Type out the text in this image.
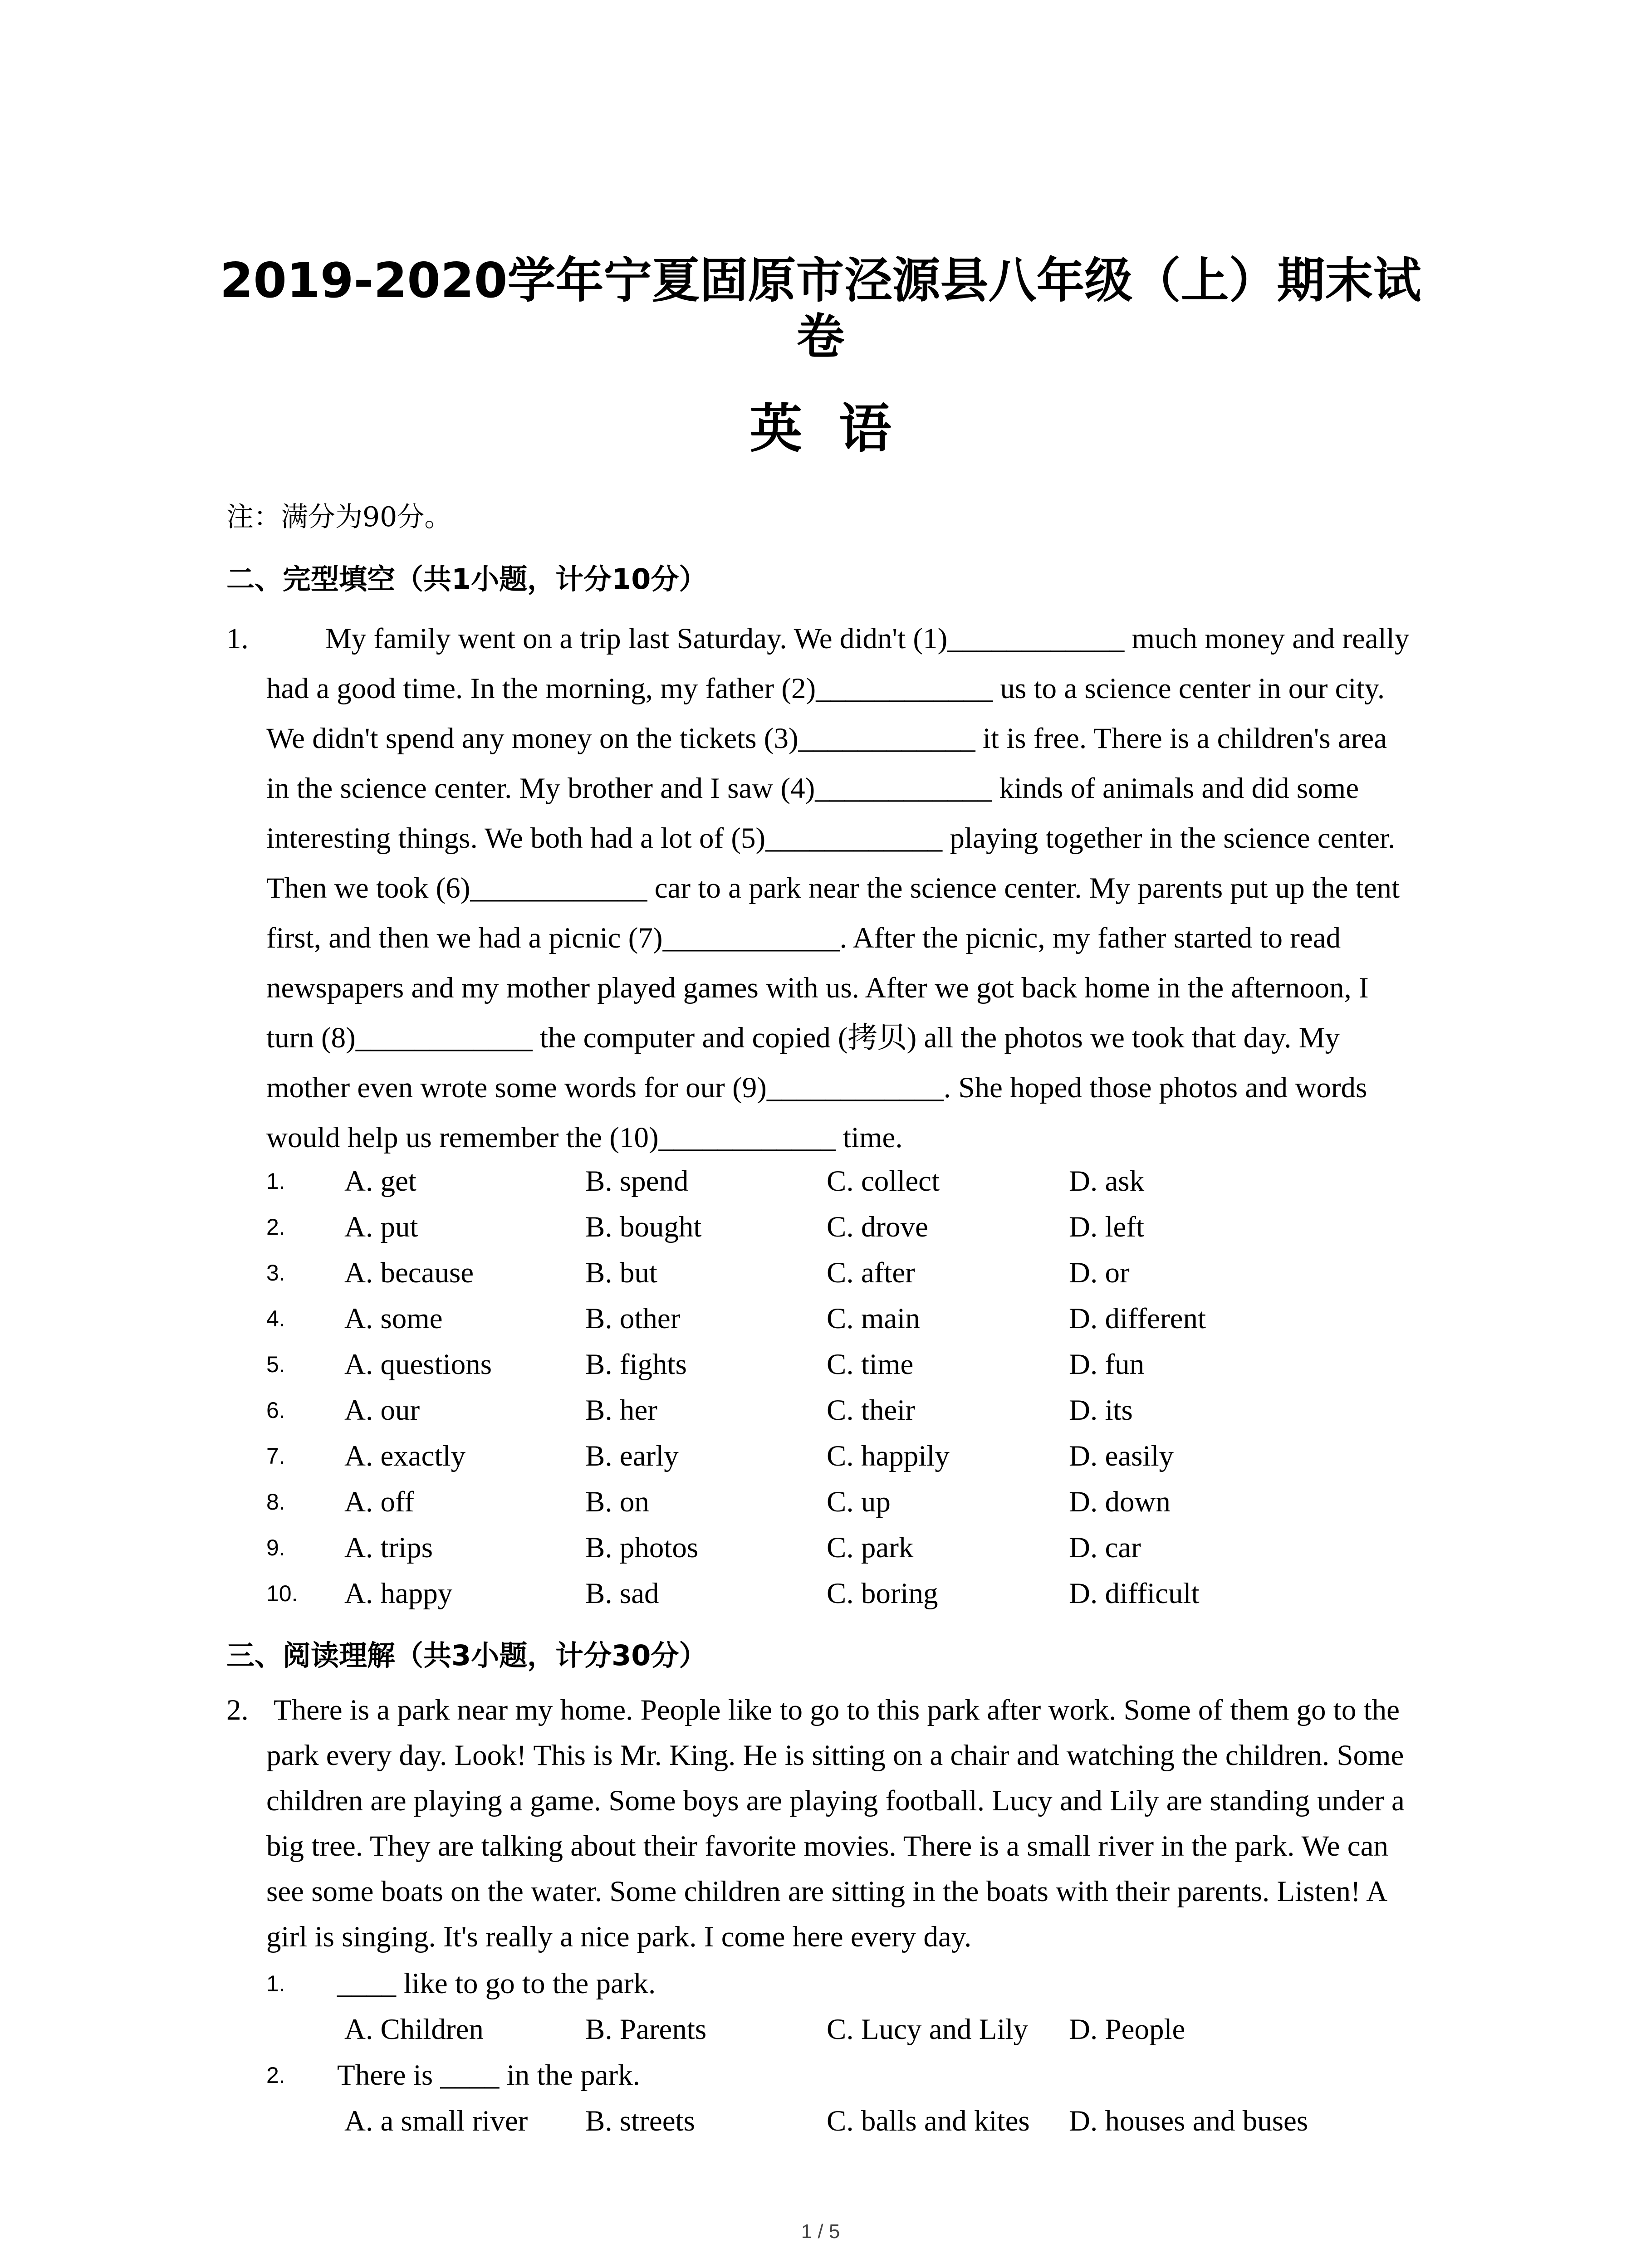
2019-2020学年宁夏固原市泾源县八年级（上）期末试
卷
英 语
注：满分为90分。
二、完型填空（共1小题，计分10分）
1.	My family went on a trip last Saturday. We didn't (1)____________ much money and really
had a good time. In the morning, my father (2)____________ us to a science center in our city.
We didn't spend any money on the tickets (3)____________ it is free. There is a children's area
in the science center. My brother and I saw (4)____________ kinds of animals and did some
interesting things. We both had a lot of (5)____________ playing together in the science center.
Then we took (6)____________ car to a park near the science center. My parents put up the tent
first, and then we had a picnic (7)____________. After the picnic, my father started to read
newspapers and my mother played games with us. After we got back home in the afternoon, I
turn (8)____________ the computer and copied (拷贝) all the photos we took that day. My
mother even wrote some words for our (9)____________. She hoped those photos and words
would help us remember the (10)____________ time.
1. A. get	B. spend	C. collect	D. ask
2. A. put	B. bought	C. drove	D. left
3. A. because	B. but	C. after	D. or
4. A. some	B. other	C. main	D. different
5. A. questions	B. fights	C. time	D. fun
6. A. our	B. her	C. their	D. its
7. A. exactly	B. early	C. happily	D. easily
8. A. off	B. on	C. up	D. down
9. A. trips	B. photos	C. park	D. car
10. A. happy	B. sad	C. boring	D. difficult
三、阅读理解（共3小题，计分30分）
2. There is a park near my home. People like to go to this park after work. Some of them go to the
park every day. Look! This is Mr. King. He is sitting on a chair and watching the children. Some
children are playing a game. Some boys are playing football. Lucy and Lily are standing under a
big tree. They are talking about their favorite movies. There is a small river in the park. We can
see some boats on the water. Some children are sitting in the boats with their parents. Listen! A
girl is singing. It's really a nice park. I come here every day.
1. ____ like to go to the park.
A. Children	B. Parents	C. Lucy and Lily D. People
2. There is ____ in the park.
A. a small river B. streets	C. balls and kites D. houses and buses
1 / 5
